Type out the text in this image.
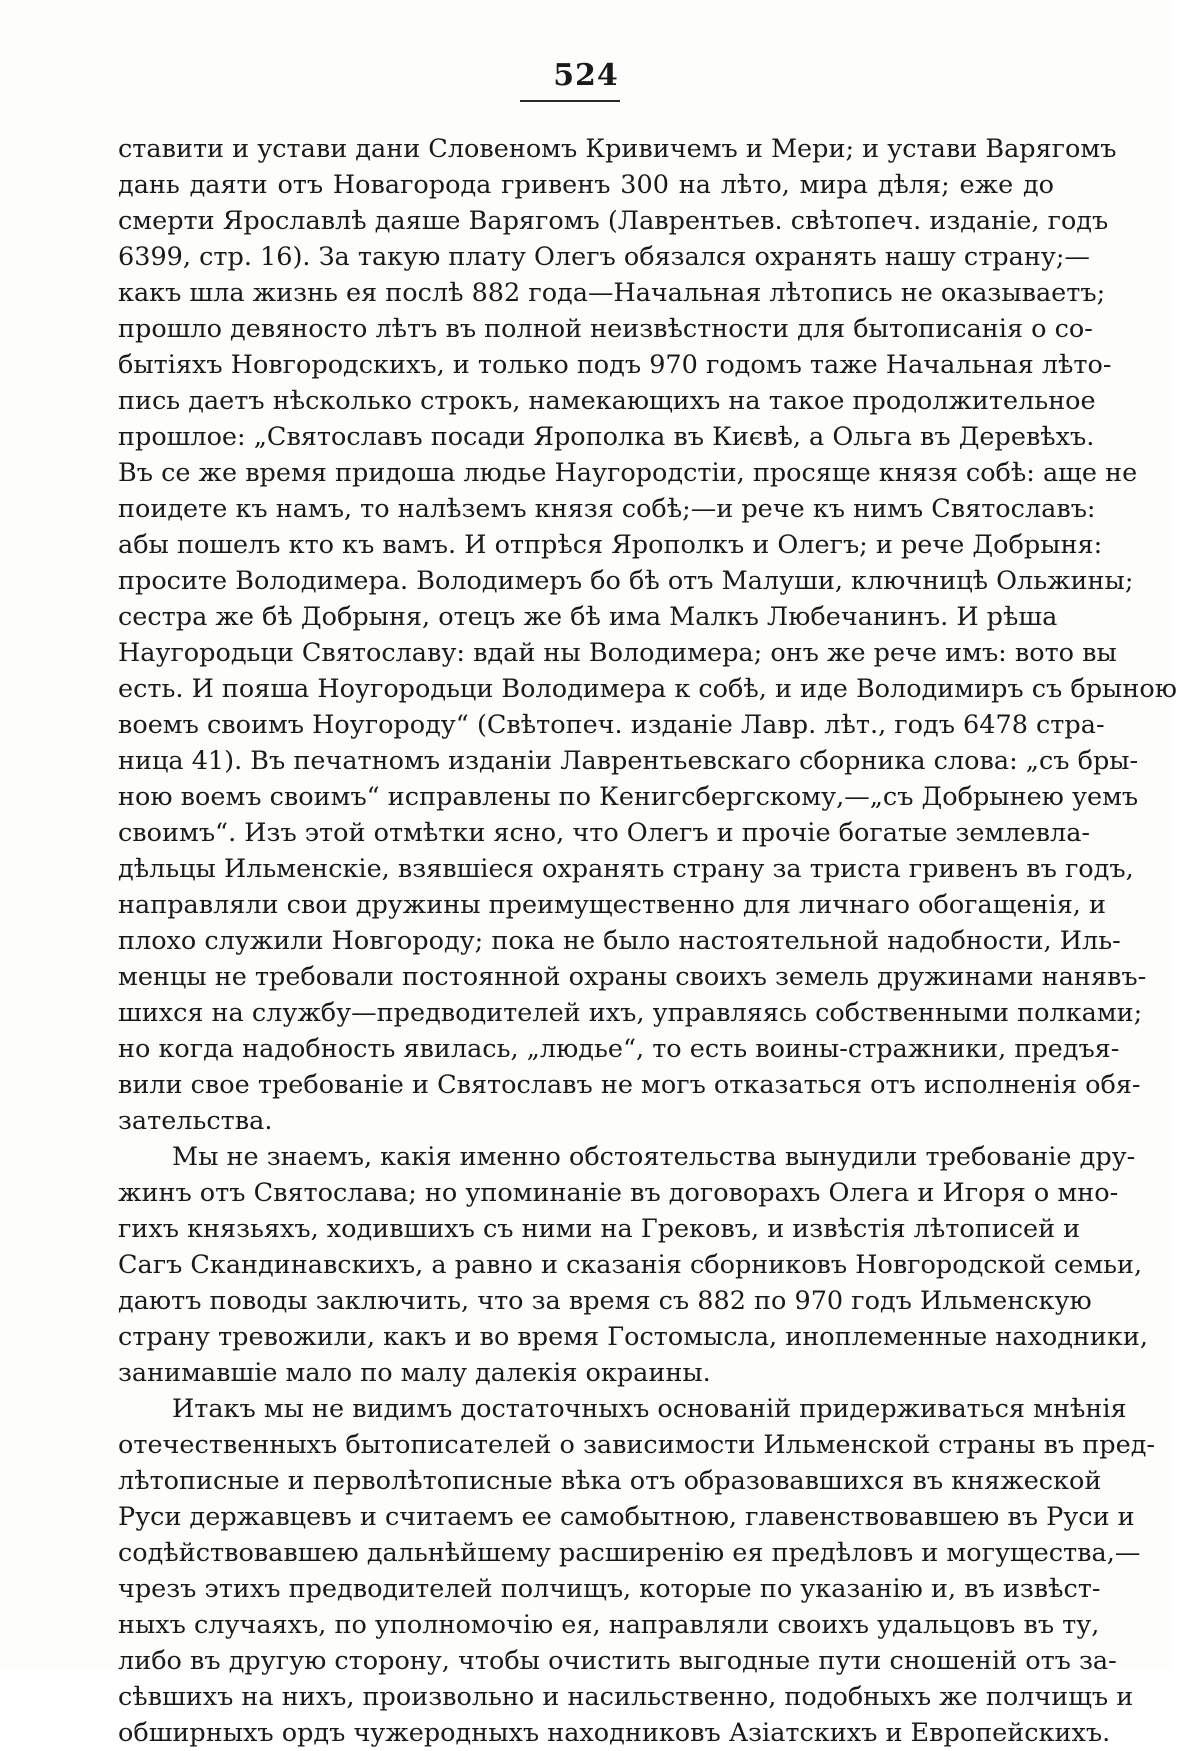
524
ставити и устави дани Словеномъ Кривичемъ и Мери; и устави Варягомъ
дань даяти отъ Новагорода гривенъ 300 на лѣто, мира дѣля; еже до
смерти Ярославлѣ даяше Варягомъ (Лаврентьев. свѣтопеч. изданіе, годъ
6399, стр. 16). За такую плату Олегъ обязался охранять нашу страну;—
какъ шла жизнь ея послѣ 882 года—Начальная лѣтопись не оказываетъ;
прошло девяносто лѣтъ въ полной неизвѣстности для бытописанія о со-
бытіяхъ Новгородскихъ, и только подъ 970 годомъ таже Начальная лѣто-
пись даетъ нѣсколько строкъ, намекающихъ на такое продолжительное
прошлое: „Святославъ посади Ярополка въ Києвѣ, а Ольга въ Деревѣхъ.
Въ се же время придоша людье Наугородстіи, просяще князя собѣ: аще не
поидете къ намъ, то налѣземъ князя собѣ;—и рече къ нимъ Святославъ:
абы пошелъ кто къ вамъ. И отпрѣся Ярополкъ и Олегъ; и рече Добрыня:
просите Володимера. Володимеръ бо бѣ отъ Малуши, ключницѣ Ольжины;
сестра же бѣ Добрыня, отецъ же бѣ има Малкъ Любечанинъ. И рѣша
Наугородьци Святославу: вдай ны Володимера; онъ же рече имъ: вото вы
есть. И пояша Ноугородьци Володимера к собѣ, и иде Володимиръ съ брыною
воемъ своимъ Ноугороду“ (Свѣтопеч. изданіе Лавр. лѣт., годъ 6478 стра-
ница 41). Въ печатномъ изданіи Лаврентьевскаго сборника слова: „съ бры-
ною воемъ своимъ“ исправлены по Кенигсбергскому,—„съ Добрынею уемъ
своимъ“. Изъ этой отмѣтки ясно, что Олегъ и прочіе богатые землевла-
дѣльцы Ильменскіе, взявшіеся охранять страну за триста гривенъ въ годъ,
направляли свои дружины преимущественно для личнаго обогащенія, и
плохо служили Новгороду; пока не было настоятельной надобности, Иль-
менцы не требовали постоянной охраны своихъ земель дружинами нанявъ-
шихся на службу—предводителей ихъ, управляясь собственными полками;
но когда надобность явилась, „людье“, то есть воины-стражники, предъя-
вили свое требованіе и Святославъ не могъ отказаться отъ исполненія обя-
зательства.
Мы не знаемъ, какія именно обстоятельства вынудили требованіе дру-
жинъ отъ Святослава; но упоминаніе въ договорахъ Олега и Игоря о мно-
гихъ князьяхъ, ходившихъ съ ними на Грековъ, и извѣстія лѣтописей и
Сагъ Скандинавскихъ, а равно и сказанія сборниковъ Новгородской семьи,
даютъ поводы заключить, что за время съ 882 по 970 годъ Ильменскую
страну тревожили, какъ и во время Гостомысла, иноплеменные находники,
занимавшіе мало по малу далекія окраины.
Итакъ мы не видимъ достаточныхъ основаній придерживаться мнѣнія
отечественныхъ бытописателей о зависимости Ильменской страны въ пред-
лѣтописные и перволѣтописные вѣка отъ образовавшихся въ княжеской
Руси державцевъ и считаемъ ее самобытною, главенствовавшею въ Руси и
содѣйствовавшею дальнѣйшему расширенію ея предѣловъ и могущества,—
чрезъ этихъ предводителей полчищъ, которые по указанію и, въ извѣст-
ныхъ случаяхъ, по уполномочію ея, направляли своихъ удальцовъ въ ту,
либо въ другую сторону, чтобы очистить выгодные пути сношеній отъ за-
сѣвшихъ на нихъ, произвольно и насильственно, подобныхъ же полчищъ и
обширныхъ ордъ чужеродныхъ находниковъ Азіатскихъ и Европейскихъ.
